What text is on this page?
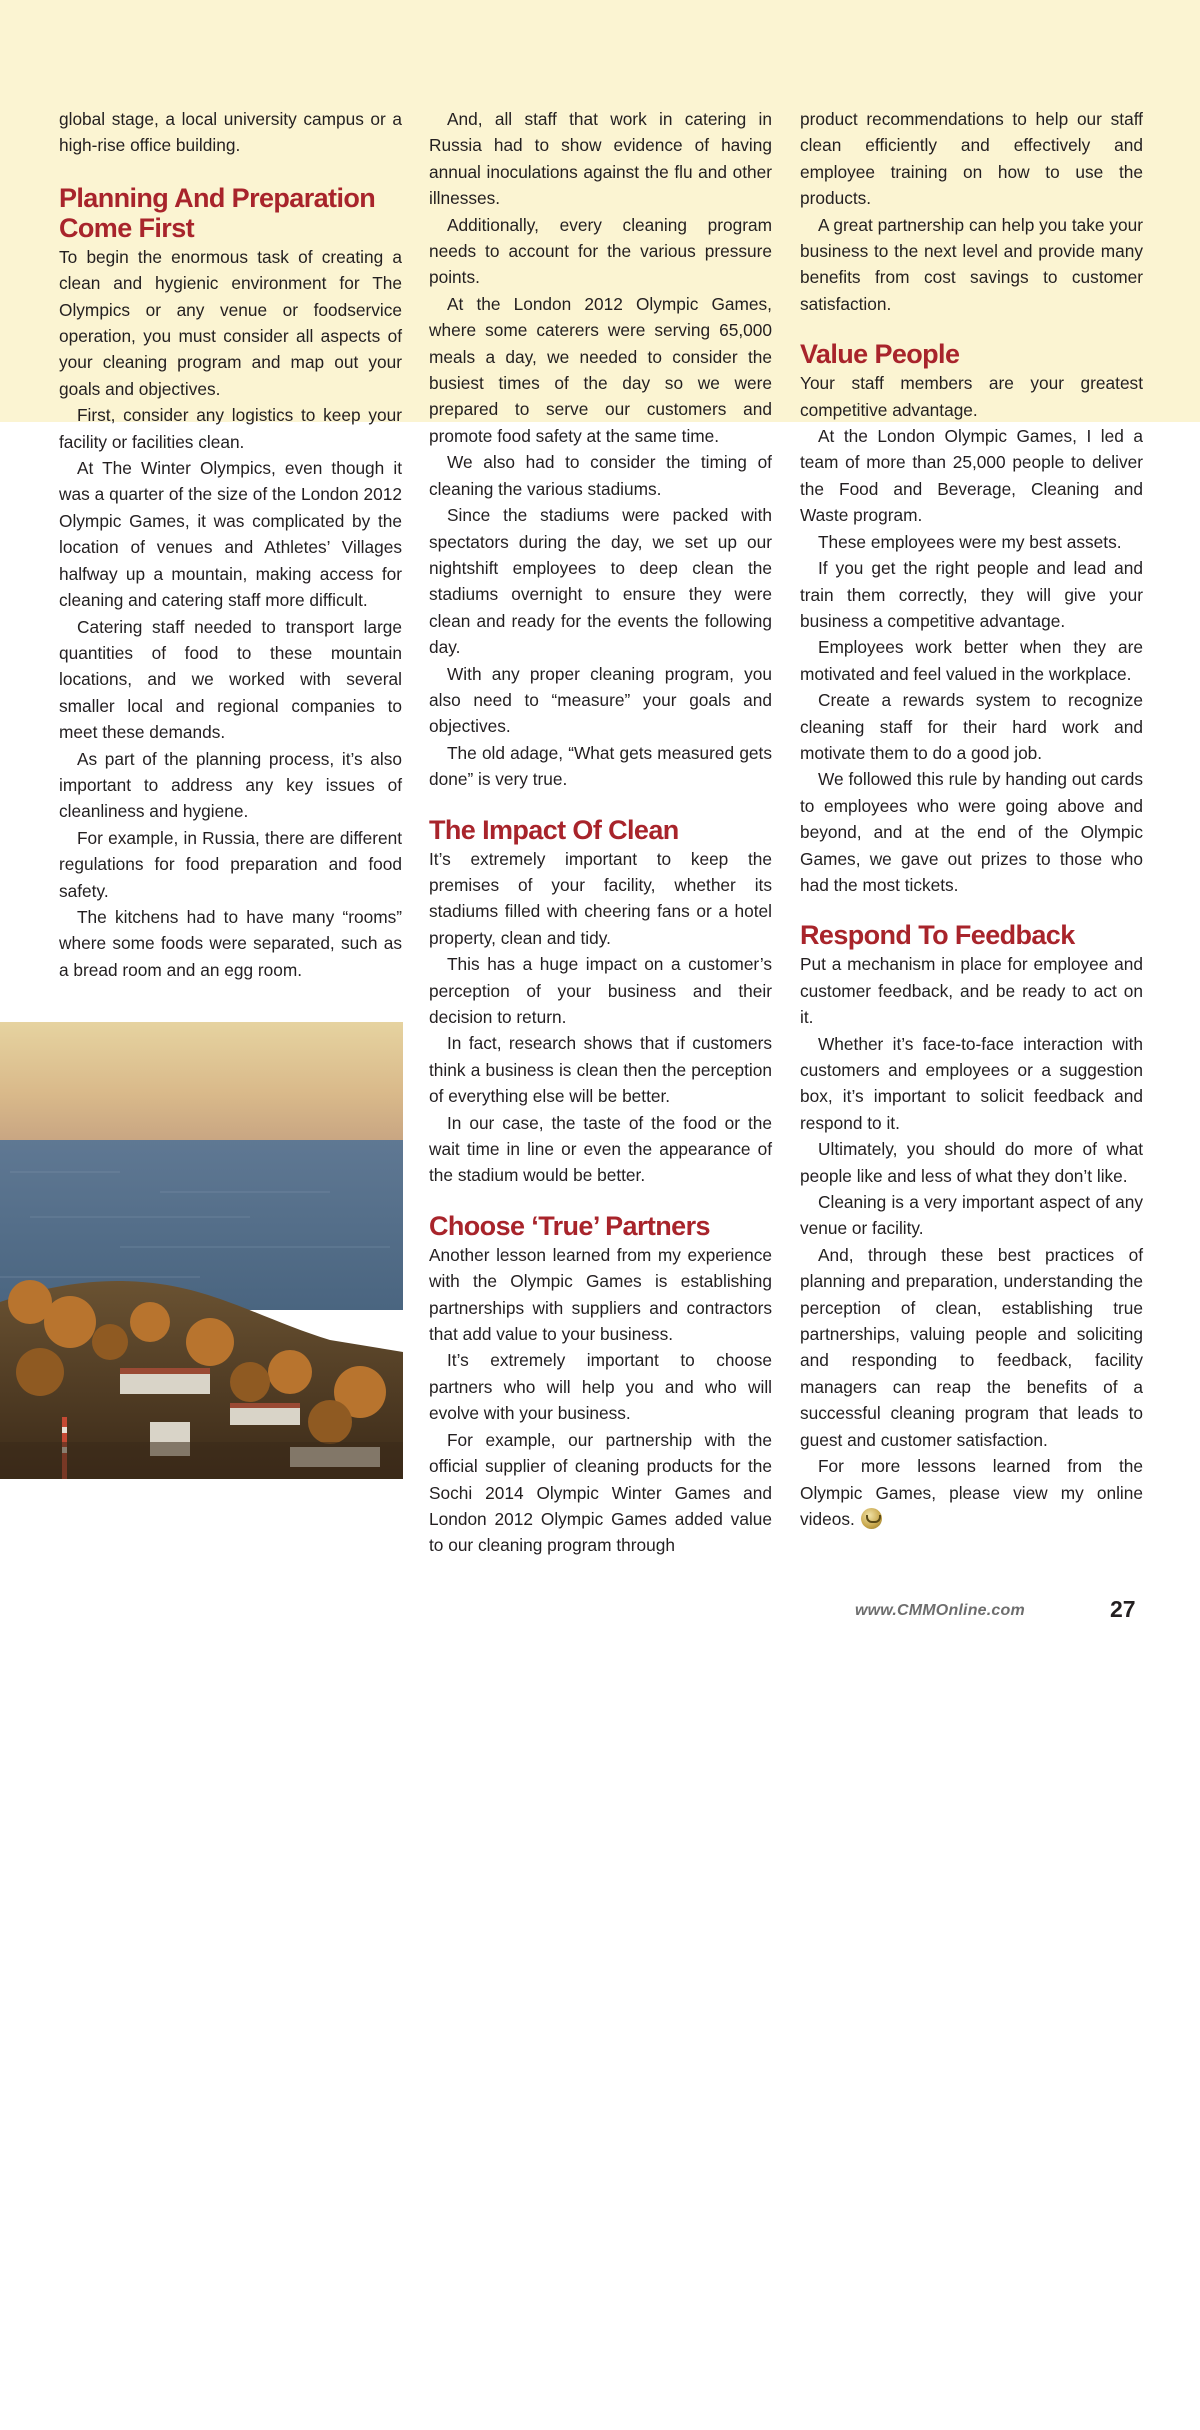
global stage, a local university campus or a high-rise office building.

Planning And Preparation Come First

To begin the enormous task of creating a clean and hygienic environment for The Olympics or any venue or foodservice operation, you must consider all aspects of your cleaning program and map out your goals and objectives.

First, consider any logistics to keep your facility or facilities clean.

At The Winter Olympics, even though it was a quarter of the size of the London 2012 Olympic Games, it was complicated by the location of venues and Athletes’ Villages halfway up a mountain, making access for cleaning and catering staff more difficult.

Catering staff needed to transport large quantities of food to these mountain locations, and we worked with several smaller local and regional companies to meet these demands.

As part of the planning process, it’s also important to address any key issues of cleanliness and hygiene.

For example, in Russia, there are different regulations for food preparation and food safety.

The kitchens had to have many “rooms” where some foods were separated, such as a bread room and an egg room.

And, all staff that work in catering in Russia had to show evidence of having annual inoculations against the flu and other illnesses.

Additionally, every cleaning program needs to account for the various pressure points.

At the London 2012 Olympic Games, where some caterers were serving 65,000 meals a day, we needed to consider the busiest times of the day so we were prepared to serve our customers and promote food safety at the same time.

We also had to consider the timing of cleaning the various stadiums.

Since the stadiums were packed with spectators during the day, we set up our nightshift employees to deep clean the stadiums overnight to ensure they were clean and ready for the events the following day.

With any proper cleaning program, you also need to “measure” your goals and objectives.

The old adage, “What gets measured gets done” is very true.

The Impact Of Clean

It’s extremely important to keep the premises of your facility, whether its stadiums filled with cheering fans or a hotel property, clean and tidy.

This has a huge impact on a customer’s perception of your business and their decision to return.

In fact, research shows that if customers think a business is clean then the perception of everything else will be better.

In our case, the taste of the food or the wait time in line or even the appearance of the stadium would be better.

Choose ‘True’ Partners

Another lesson learned from my experience with the Olympic Games is establishing partnerships with suppliers and contractors that add value to your business.

It’s extremely important to choose partners who will help you and who will evolve with your business.

For example, our partnership with the official supplier of cleaning products for the Sochi 2014 Olympic Winter Games and London 2012 Olympic Games added value to our cleaning program through

product recommendations to help our staff clean efficiently and effectively and employee training on how to use the products.

A great partnership can help you take your business to the next level and provide many benefits from cost savings to customer satisfaction.

Value People

Your staff members are your greatest competitive advantage.

At the London Olympic Games, I led a team of more than 25,000 people to deliver the Food and Beverage, Cleaning and Waste program.

These employees were my best assets.

If you get the right people and lead and train them correctly, they will give your business a competitive advantage.

Employees work better when they are motivated and feel valued in the workplace.

Create a rewards system to recognize cleaning staff for their hard work and motivate them to do a good job.

We followed this rule by handing out cards to employees who were going above and beyond, and at the end of the Olympic Games, we gave out prizes to those who had the most tickets.

Respond To Feedback

Put a mechanism in place for employee and customer feedback, and be ready to act on it.

Whether it’s face-to-face interaction with customers and employees or a suggestion box, it’s important to solicit feedback and respond to it.

Ultimately, you should do more of what people like and less of what they don’t like.

Cleaning is a very important aspect of any venue or facility.

And, through these best practices of planning and preparation, understanding the perception of clean, establishing true partnerships, valuing people and soliciting and responding to feedback, facility managers can reap the benefits of a successful cleaning program that leads to guest and customer satisfaction.

For more lessons learned from the Olympic Games, please view my online videos.

Image courtesy of photoshkolnik/iStock/Thinkstock
www.CMMOnline.com	27
